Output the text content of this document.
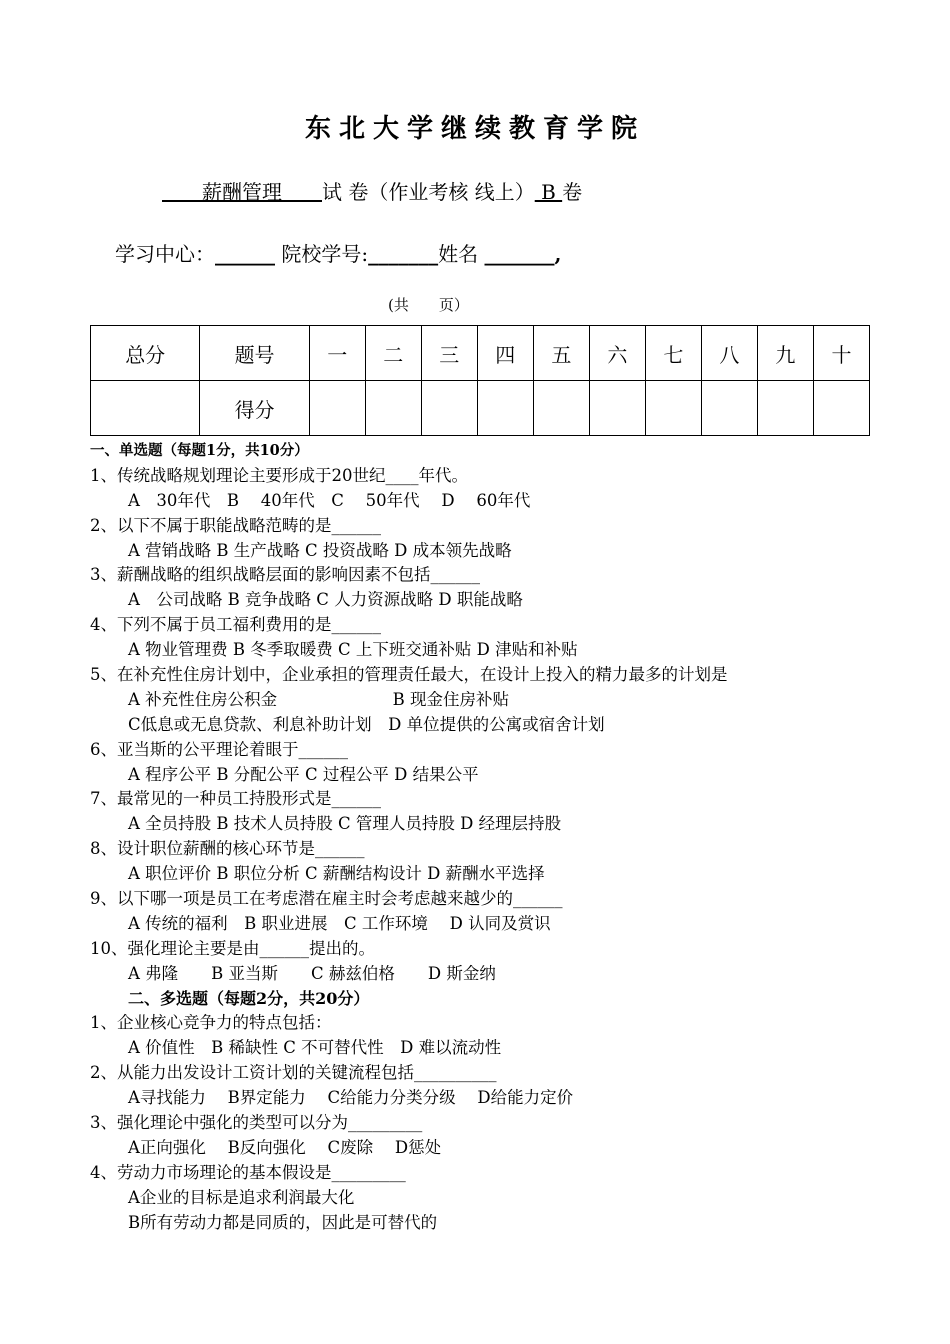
东北大学继续教育学院
　　薪酬管理　　试 卷（作业考核 线上） B 卷
学习中心：______ 院校学号:_______姓名 _______,
(共　　页）
总分	题号	一	二	三	四	五	六	七	八	九	十
	得分										
一、单选题（每题1分，共10分）
1、传统战略规划理论主要形成于20世纪____年代。
A　30年代　B　 40年代　C　 50年代　 D　 60年代
2、以下不属于职能战略范畴的是______
A 营销战略 B 生产战略 C 投资战略 D 成本领先战略
3、薪酬战略的组织战略层面的影响因素不包括______
A　公司战略 B 竞争战略 C 人力资源战略 D 职能战略
4、下列不属于员工福利费用的是______
A 物业管理费 B 冬季取暖费 C 上下班交通补贴 D 津贴和补贴
5、在补充性住房计划中，企业承担的管理责任最大，在设计上投入的精力最多的计划是
A 补充性住房公积金　　　　　　　B 现金住房补贴
C低息或无息贷款、利息补助计划　D 单位提供的公寓或宿舍计划
6、亚当斯的公平理论着眼于______
A 程序公平 B 分配公平 C 过程公平 D 结果公平
7、最常见的一种员工持股形式是______
A 全员持股 B 技术人员持股 C 管理人员持股 D 经理层持股
8、设计职位薪酬的核心环节是______
A 职位评价 B 职位分析 C 薪酬结构设计 D 薪酬水平选择
9、以下哪一项是员工在考虑潜在雇主时会考虑越来越少的______
A 传统的福利　B 职业进展　C 工作环境　 D 认同及赏识
10、强化理论主要是由______提出的。
A 弗隆　　B 亚当斯　　C 赫兹伯格　　D 斯金纳
二、多选题（每题2分，共20分）
1、企业核心竞争力的特点包括：
A 价值性　B 稀缺性 C 不可替代性　D 难以流动性
2、从能力出发设计工资计划的关键流程包括__________
A寻找能力　 B界定能力　 C给能力分类分级　 D给能力定价
3、强化理论中强化的类型可以分为_________
A正向强化　 B反向强化　 C废除　 D惩处
4、劳动力市场理论的基本假设是_________
A企业的目标是追求利润最大化
B所有劳动力都是同质的，因此是可替代的
